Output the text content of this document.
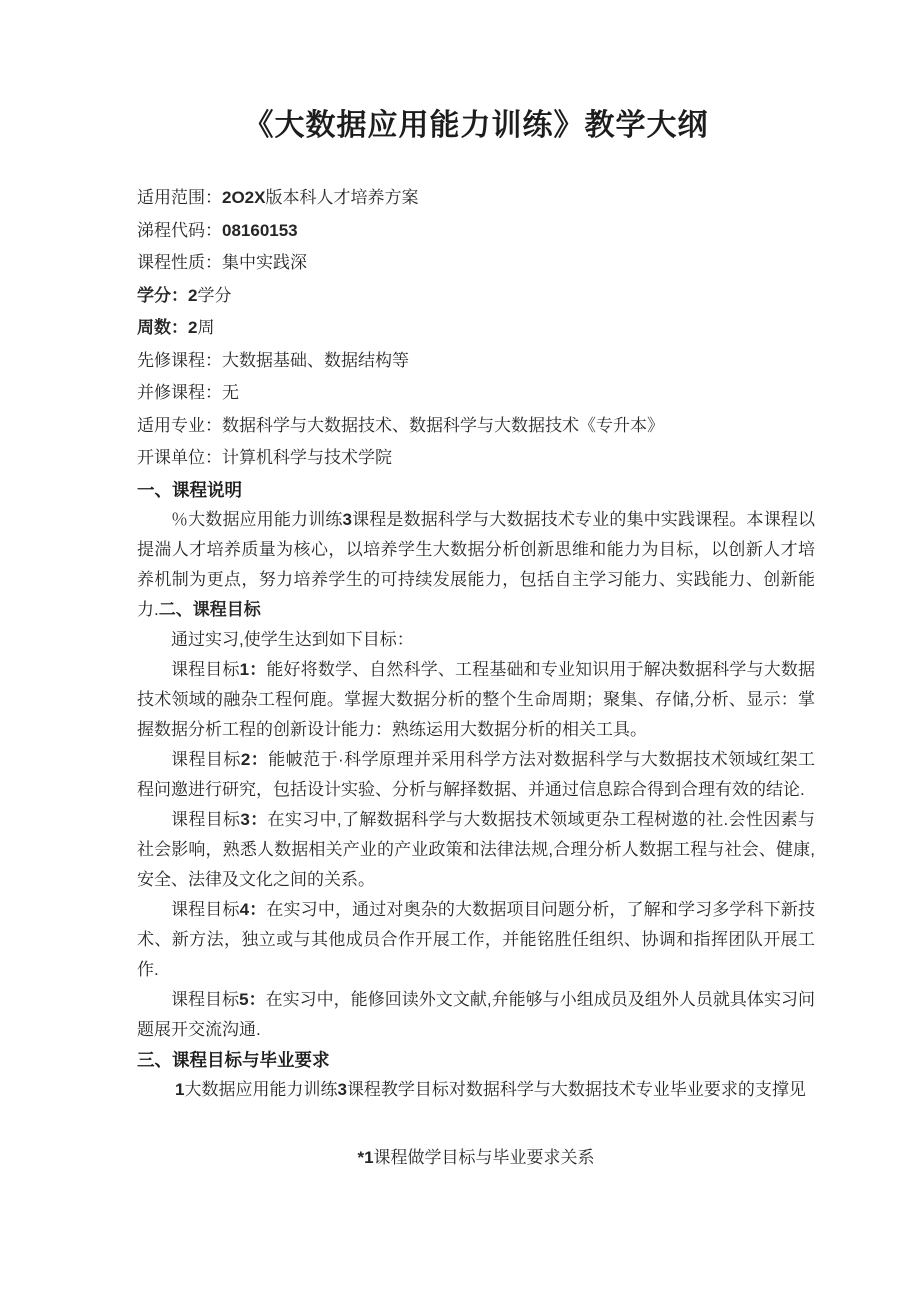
《大数据应用能力训练》教学大纲
适用范围：2O2X版本科人才培养方案
涕程代码：08160153
课程性质：集中实践深
学分：2学分
周数：2周
先修课程：大数据基础、数据结构等
并修课程：无
适用专业：数据科学与大数据技术、数据科学与大数据技术《专升本》
开课单位：计算机科学与技术学院
一、课程说明

％大数据应用能力训练3课程是数据科学与大数据技术专业的集中实践课程。本课程以提湍人才培养质量为核心，以培养学生大数据分析创新思维和能力为目标，以创新人才培养机制为更点，努力培养学生的可持续发展能力，包括自主学习能力、实践能力、创新能力.二、课程目标

通过实习,使学生达到如下目标：

课程目标1：能好将数学、自然科学、工程基础和专业知识用于解决数据科学与大数据技术领域的融杂工程何鹿。掌握大数据分析的整个生命周期；聚集、存储,分析、显示：掌握数据分析工程的创新设计能力：熟练运用大数据分析的相关工具。

课程目标2：能帔范于·科学原理并采用科学方法对数据科学与大数据技术领域红架工程问邀进行研究，包括设计实验、分析与解择数据、并通过信息踪合得到合理有效的结论.

课程目标3：在实习中,了解数据科学与大数据技术领域更杂工程树遨的社.会性因素与社会影响，熟悉人数据相关产业的产业政策和法律法规,合理分析人数据工程与社会、健康,安全、法律及文化之间的关系。

课程目标4：在实习中，通过对奥杂的大数据项目问题分析，了解和学习多学科下新技术、新方法，独立或与其他成员合作开展工作，并能铭胜任组织、协调和指挥团队开展工作.

课程目标5：在实习中，能修回读外文文献,弁能够与小组成员及组外人员就具体实习问题展开交流沟通.

三、课程目标与毕业要求

1大数据应用能力训练3课程教学目标对数据科学与大数据技术专业毕业要求的支撑见

*1课程做学目标与毕业要求关系
